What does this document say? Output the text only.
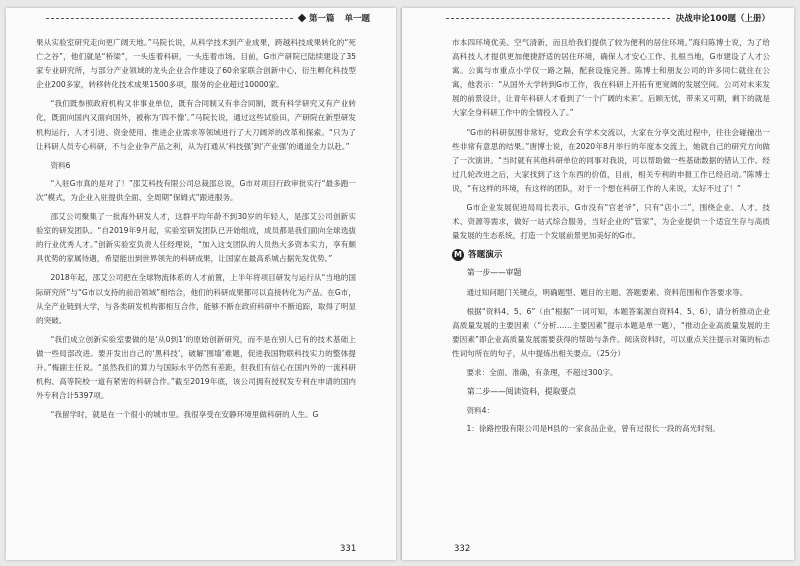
第一篇 单一题	决战申论100题（上册）

果从实验室研究走向更广阔天地。”马院长说，从科学技术到产业成果，跨越科技成果转化的“死亡之谷”，他们就是“桥梁”，一头连着科研，一头连着市场。目前，G市产研院已陆续建设了35家专业研究所，与部分产业领域的龙头企业合作建设了60余家联合创新中心，衍生孵化科技型企业200多家，转移转化技术成果1500多项，服务的企业超过10000家。

“我们既参照政府机构又非事业单位，既有合同制又有非合同制，既有科学研究又有产业转化，既面向国内又面向国外，被称为‘四不像’。”马院长说，通过这些试验田，产研院在新型研发机构运行、人才引进、资金使用、推进企业需求等领域进行了大刀阔斧的改革和探索。“只为了让科研人员专心科研，不与企业争产品之利，从为打通从‘科技强’到‘产业强’的通道全力以赴。”

资料6

“入驻G市真的是对了！”邵艾科技有限公司总裁邵总说，G市对项目行政审批实行“最多跑一次”模式，为企业入驻提供全面、全周期“保姆式”跟进服务。

邵艾公司聚集了一批海外研发人才，这群平均年龄不到30岁的年轻人，是邵艾公司创新实验室的研发团队。“自2019年9月起，实验室研发团队已开始组成，成员都是我们面向全球选拔的行业优秀人才。”创新实验室负责人任经理说，“加入这支团队的人员热大多资本实力，享有颇具优势的家属待遇，希望能出到世界领先的科研成果，让国家在最高系城占据先发优势。”

2018年起，邵艾公司把在全球物流体系的人才前置，上半年将项目研发与运行从“当地的国际研究所”与“G市以支持的前沿领域”相结合，他们的科研成果都可以直接转化为产品。在G市，从全产业链到大学，与各类研发机构都相互合作，能够不断在政府科研中不断追踪，取得了明显的突破。

“我们成立创新实验室要做的是‘从0到1’的原始创新研究，而不是在别人已有的技术基础上做一些局部改进。要开发出自己的‘黑科技’，破解‘围墙’难题，促进我国物联科技实力的整体提升。”梅副主任说。“虽然我们的算力与国际水平仍然有差距，但我们有信心在国内外的一流科研机构、高等院校一道有紧密的科研合作。”截至2019年底，该公司拥有授权发专利在申请的国内外专利合计5397项。

“我留学时，就是在一个很小的城市里。我很享受在安静环境里做科研的人生。G

市本四环境优美、空气清新，而且给我们提供了较为便利的居住环境。”海归陈博士说，为了给高科技人才提供更加便捷舒适的居住环境，确保人才安心工作、扎根当地，G市建设了人才公寓。公寓与市重点小学仅一路之隔，配套设施完善。陈博士和朋友公司的许多同仁就住在公寓，他表示：“从国外大学转到G市工作，我在科研上开拓有更宽阔的发展空间。公司对未来发展的前景设计，让青年科研人才看到了‘一个广阔的未来’。后顾无忧，带来又可期，剩下的就是大家全身科研工作中的全情投入了。”

“G市的科研氛围非常好，党政会有学术交流以，大家在分享交流过程中，往往会碰撞出一些非常有意思的结果。”唐博士说，在2020年8月举行的年度本交流上，她就自己的研究方向做了一次演讲。“当时就有其他科研单位的同事对我说，可以帮助做一些基础数据的错认工作。经过几轮改进之后，大家找到了这个东西的价值，目前，相关专利的申报工作已经启动。”陈博士说，“有这样的环境，有这样的团队，对于一个想在科研工作的人来说，太好不过了！”

G市企业发展促进局局长表示，G市没有“官老爷”，只有“店小二”，围绕企业、人才、技术、资源等需求，做好一站式综合服务，当好企业的“管家”，为企业提供一个适宜生存与高质量发展的生态系统，打造一个发展前景更加美好的G市。

M 答题演示

第一步——审题

通过知问题门关键点，明确题型、题目的主题、答题要素、资料范围和作答要求等。

根据“资料4、5、6”（由“根据”一词可知，本题答案源自资料4、5、6），请分析推动企业高质量发展的主要因素（“分析……主要因素”提示本题是单一题），“推动企业高质量发展的主要因素”即企业高质量发展需要获得的帮助与条件。阅读资料时，可以重点关注提示对策的标志性词句所在的句子，从中提炼出相关要点。（25分）

要求：全面、准确，有条理，不超过300字。

第二步——阅读资料，提取要点

资料4：

1：徐路控股有限公司是H县的一家食品企业，曾有过很长一段的高光时刻。

331	332
